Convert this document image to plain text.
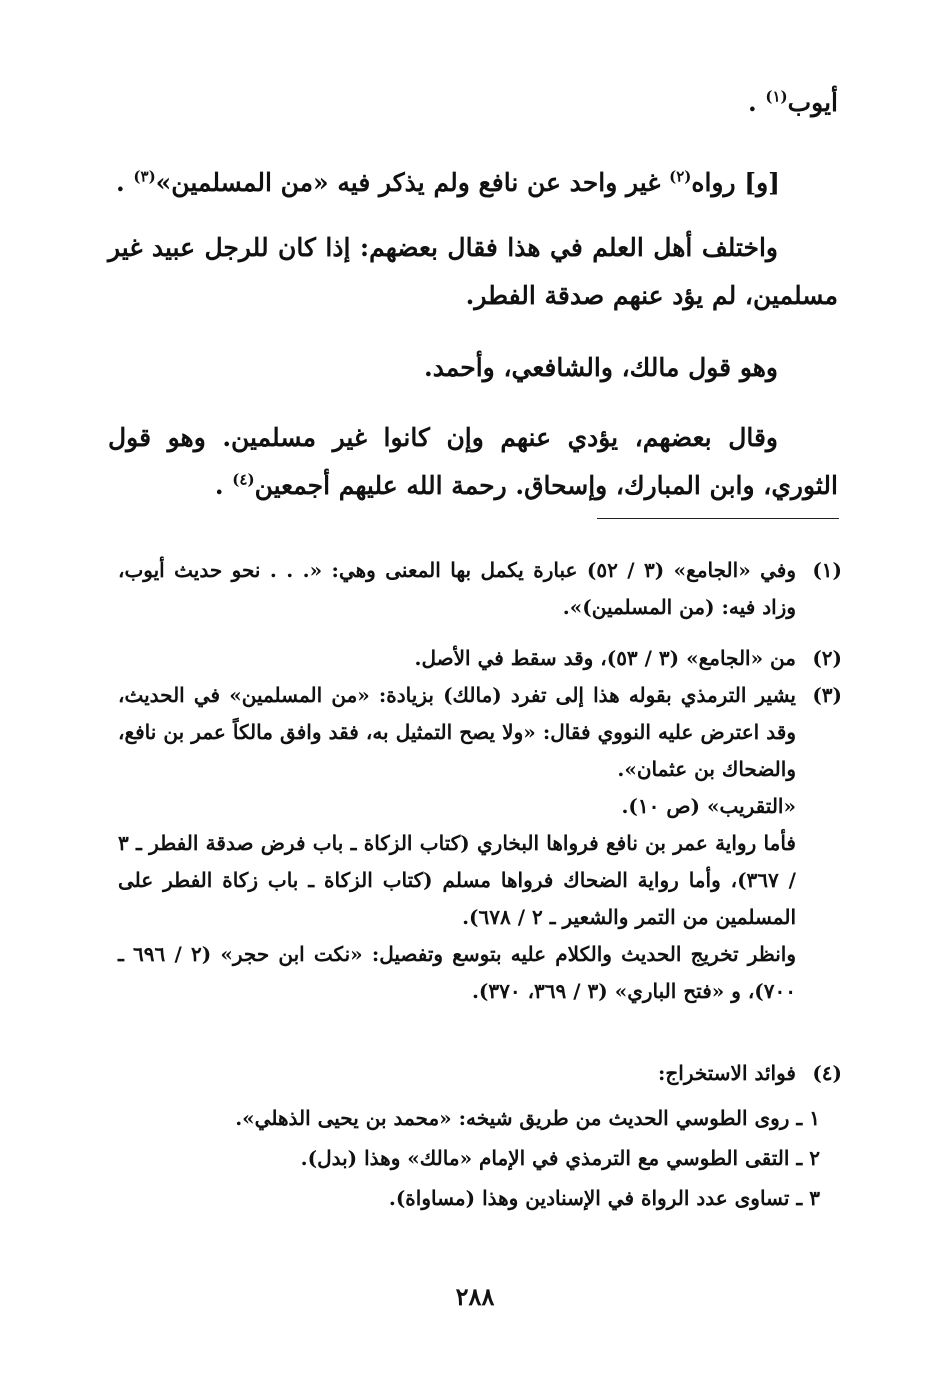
أيوب$^{(١)}$ .
[و] رواه$^{(٢)}$ غير واحد عن نافع ولم يذكر فيه «من المسلمين»$^{(٣)}$ .
واختلف أهل العلم في هذا فقال بعضهم: إذا كان للرجل عبيد غير مسلمين، لم يؤد عنهم صدقة الفطر.
وهو قول مالك، والشافعي، وأحمد.
وقال بعضهم، يؤدي عنهم وإن كانوا غير مسلمين. وهو قول الثوري، وابن المبارك، وإسحاق. رحمة الله عليهم أجمعين$^{(٤)}$ .
(١)
وفي «الجامع» (٣ / ٥٢) عبارة يكمل بها المعنى وهي: «. . . نحو حديث أيوب، وزاد فيه: (من المسلمين)».
(٢)
من «الجامع» (٣ / ٥٣)، وقد سقط في الأصل.
(٣)
يشير الترمذي بقوله هذا إلى تفرد (مالك) بزيادة: «من المسلمين» في الحديث، وقد اعترض عليه النووي فقال: «ولا يصح التمثيل به، فقد وافق مالكاً عمر بن نافع، والضحاك بن عثمان».
«التقريب» (ص ١٠).
فأما رواية عمر بن نافع فرواها البخاري (كتاب الزكاة ـ باب فرض صدقة الفطر ـ ٣ / ٣٦٧)، وأما رواية الضحاك فرواها مسلم (كتاب الزكاة ـ باب زكاة الفطر على المسلمين من التمر والشعير ـ ٢ / ٦٧٨).
وانظر تخريج الحديث والكلام عليه بتوسع وتفصيل: «نكت ابن حجر» (٢ / ٦٩٦ ـ ٧٠٠)، و «فتح الباري» (٣ / ٣٦٩، ٣٧٠).
(٤)
فوائد الاستخراج:
١ ـ روى الطوسي الحديث من طريق شيخه: «محمد بن يحيى الذهلي».
٢ ـ التقى الطوسي مع الترمذي في الإمام «مالك» وهذا (بدل).
٣ ـ تساوى عدد الرواة في الإسنادين وهذا (مساواة).
٢٨٨
